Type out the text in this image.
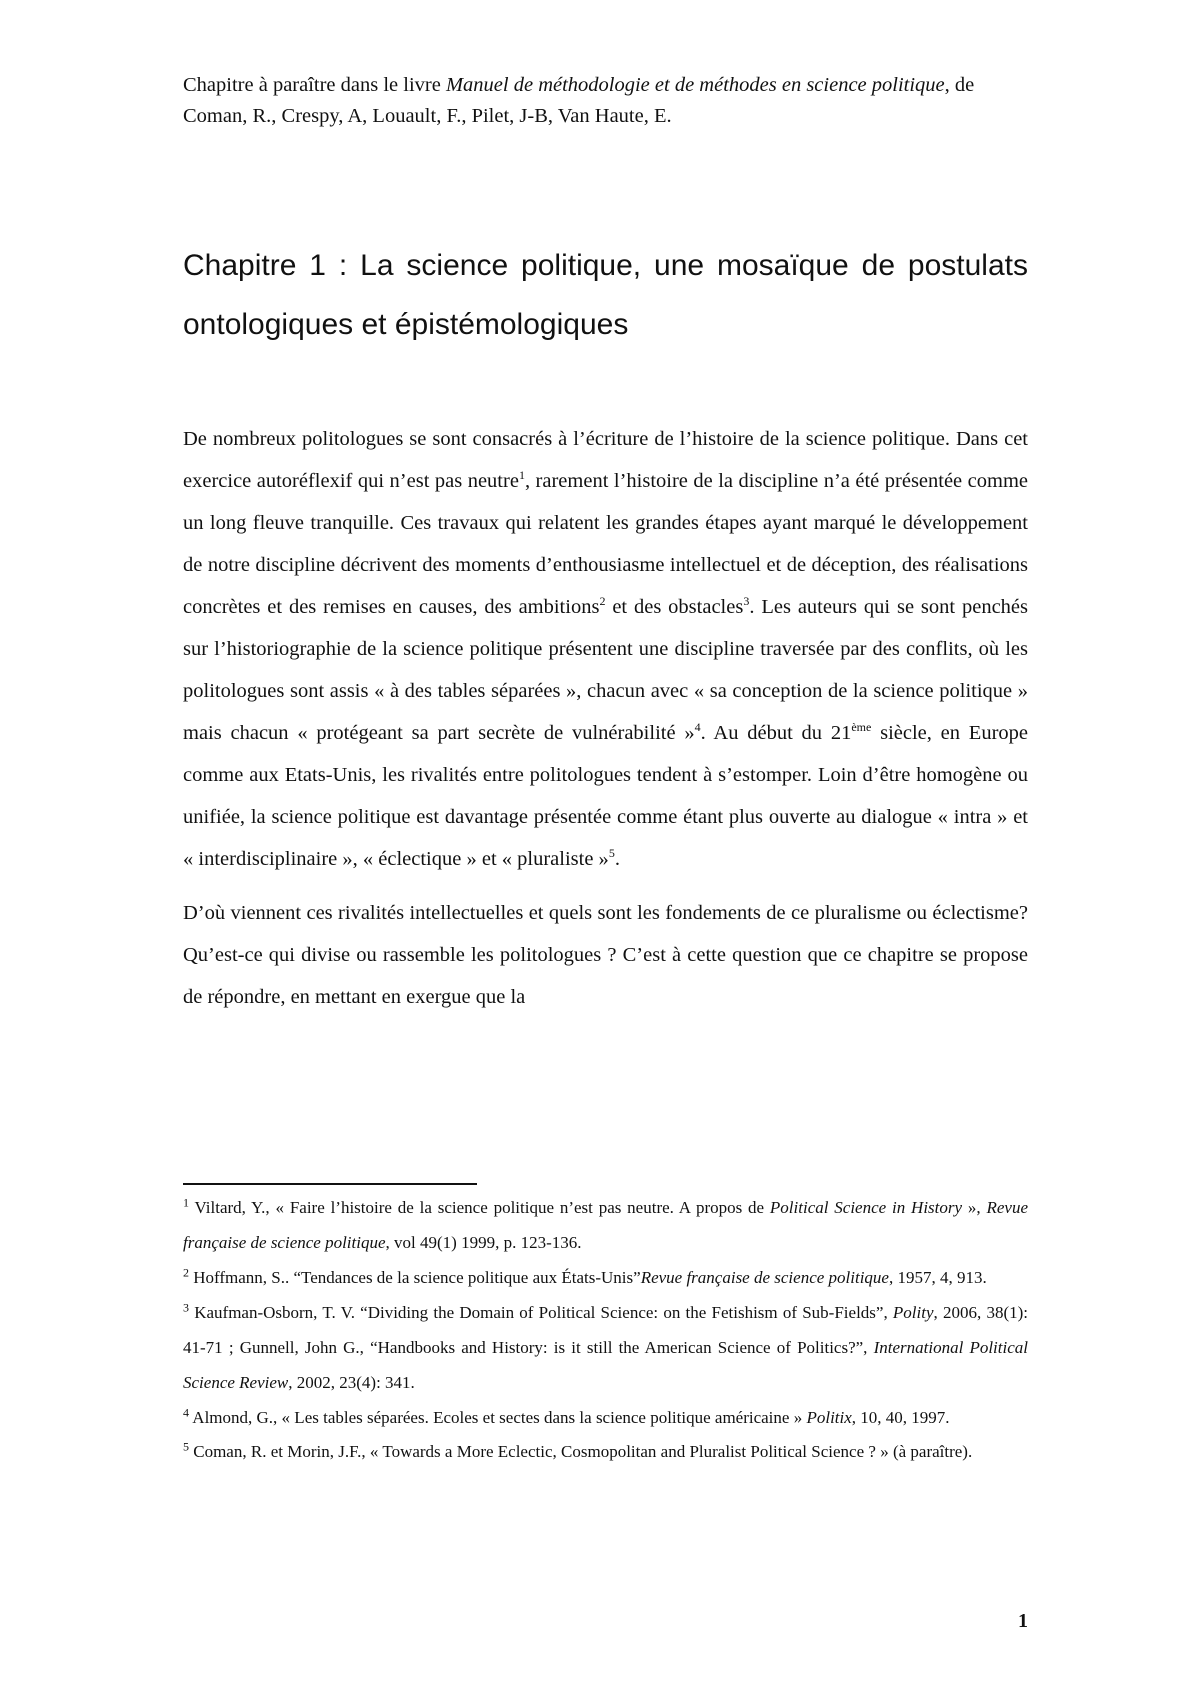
Chapitre à paraître dans le livre Manuel de méthodologie et de méthodes en science politique, de Coman, R., Crespy, A, Louault, F., Pilet, J-B, Van Haute, E.
Chapitre 1 : La science politique, une mosaïque de postulats ontologiques et épistémologiques

De nombreux politologues se sont consacrés à l’écriture de l’histoire de la science politique. Dans cet exercice autoréflexif qui n’est pas neutre$^1$, rarement l’histoire de la discipline n’a été présentée comme un long fleuve tranquille. Ces travaux qui relatent les grandes étapes ayant marqué le développement de notre discipline décrivent des moments d’enthousiasme intellectuel et de déception, des réalisations concrètes et des remises en causes, des ambitions$^2$ et des obstacles$^3$. Les auteurs qui se sont penchés sur l’historiographie de la science politique présentent une discipline traversée par des conflits, où les politologues sont assis « à des tables séparées », chacun avec « sa conception de la science politique » mais chacun « protégeant sa part secrète de vulnérabilité »$^4$. Au début du 21ème siècle, en Europe comme aux Etats-Unis, les rivalités entre politologues tendent à s’estomper. Loin d’être homogène ou unifiée, la science politique est davantage présentée comme étant plus ouverte au dialogue « intra » et « interdisciplinaire », « éclectique » et « pluraliste »$^5$.

D’où viennent ces rivalités intellectuelles et quels sont les fondements de ce pluralisme ou éclectisme? Qu’est-ce qui divise ou rassemble les politologues ? C’est à cette question que ce chapitre se propose de répondre, en mettant en exergue que la

$^1$ Viltard, Y., « Faire l’histoire de la science politique n’est pas neutre. A propos de Political Science in History », Revue française de science politique, vol 49(1) 1999, p. 123-136.

$^2$ Hoffmann, S.. “Tendances de la science politique aux États-Unis”Revue française de science politique, 1957, 4, 913.

$^3$ Kaufman-Osborn, T. V. “Dividing the Domain of Political Science: on the Fetishism of Sub-Fields”, Polity, 2006, 38(1): 41-71 ; Gunnell, John G., “Handbooks and History: is it still the American Science of Politics?”, International Political Science Review, 2002, 23(4): 341.

$^4$ Almond, G., « Les tables séparées. Ecoles et sectes dans la science politique américaine » Politix, 10, 40, 1997.

$^5$ Coman, R. et Morin, J.F., « Towards a More Eclectic, Cosmopolitan and Pluralist Political Science ? » (à paraître).

1
